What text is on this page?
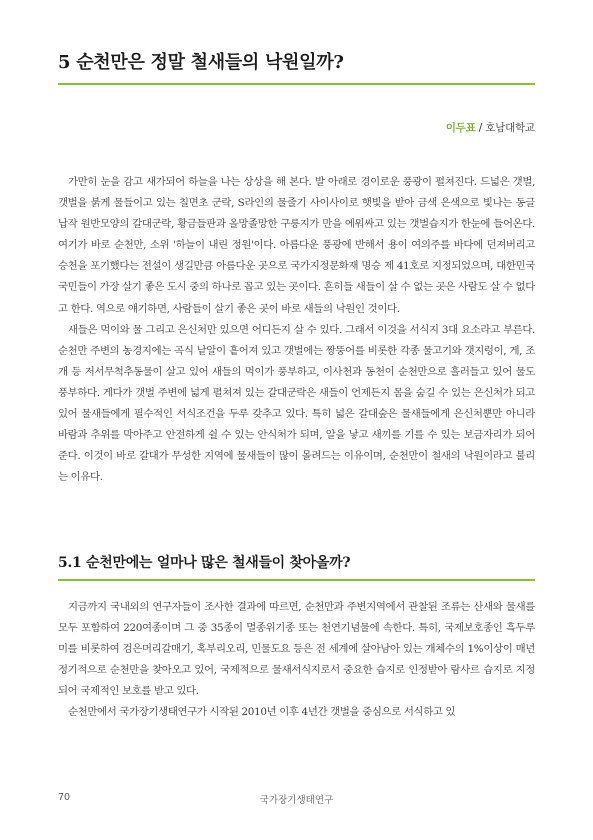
5 순천만은 정말 철새들의 낙원일까?
이두표 / 호남대학교

가만히 눈을 감고 새가되어 하늘을 나는 상상을 해 본다. 발 아래로 경이로운 풍광이 펼쳐진다. 드넓은 갯벌, 갯벌을 붉게 물들이고 있는 칠면초 군락, S라인의 물줄기 사이사이로 햇빛을 받아 금색 은색으로 빛나는 동글납작 원반모양의 갈대군락, 황금들판과 올망졸망한 구릉지가 만을 에워싸고 있는 갯벌습지가 한눈에 들어온다. 여기가 바로 순천만, 소위 '하늘이 내린 정원'이다. 아름다운 풍광에 반해서 용이 여의주를 바다에 던져버리고 승천을 포기했다는 전설이 생길만큼 아름다운 곳으로 국가지정문화재 명승 제 41호로 지정되었으며, 대한민국 국민들이 가장 살기 좋은 도시 중의 하나로 꼽고 있는 곳이다. 흔히들 새들이 살 수 없는 곳은 사람도 살 수 없다고 한다. 역으로 얘기하면, 사람들이 살기 좋은 곳이 바로 새들의 낙원인 것이다.

새들은 먹이와 물 그리고 은신처만 있으면 어디든지 살 수 있다. 그래서 이것을 서식지 3대 요소라고 부른다. 순천만 주변의 농경지에는 곡식 낱알이 흩어져 있고 갯벌에는 짱뚱어를 비롯한 각종 물고기와 갯지렁이, 게, 조개 등 저서무척추동물이 살고 있어 새들의 먹이가 풍부하고, 이사천과 동천이 순천만으로 흘러들고 있어 물도 풍부하다. 게다가 갯벌 주변에 넓게 펼쳐져 있는 갈대군락은 새들이 언제든지 몸을 숨길 수 있는 은신처가 되고 있어 물새들에게 필수적인 서식조건을 두루 갖추고 있다. 특히 넓은 갈대숲은 물새들에게 은신처뿐만 아니라 바람과 추위를 막아주고 안전하게 쉴 수 있는 안식처가 되며, 알을 낳고 새끼를 기를 수 있는 보금자리가 되어 준다. 이것이 바로 갈대가 무성한 지역에 물새들이 많이 몰려드는 이유이며, 순천만이 철새의 낙원이라고 불리는 이유다.

5.1 순천만에는 얼마나 많은 철새들이 찾아올까?

지금까지 국내외의 연구자들이 조사한 결과에 따르면, 순천만과 주변지역에서 관찰된 조류는 산새와 물새를 모두 포함하여 220여종이며 그 중 35종이 멸종위기종 또는 천연기념물에 속한다. 특히, 국제보호종인 흑두루미를 비롯하여 검은머리갈매기, 혹부리오리, 민물도요 등은 전 세계에 살아남아 있는 개체수의 1%이상이 매년 정기적으로 순천만을 찾아오고 있어, 국제적으로 물새서식지로서 중요한 습지로 인정받아 람사르 습지로 지정되어 국제적인 보호를 받고 있다.

순천만에서 국가장기생태연구가 시작된 2010년 이후 4년간 갯벌을 중심으로 서식하고 있

70	국가장기생태연구
